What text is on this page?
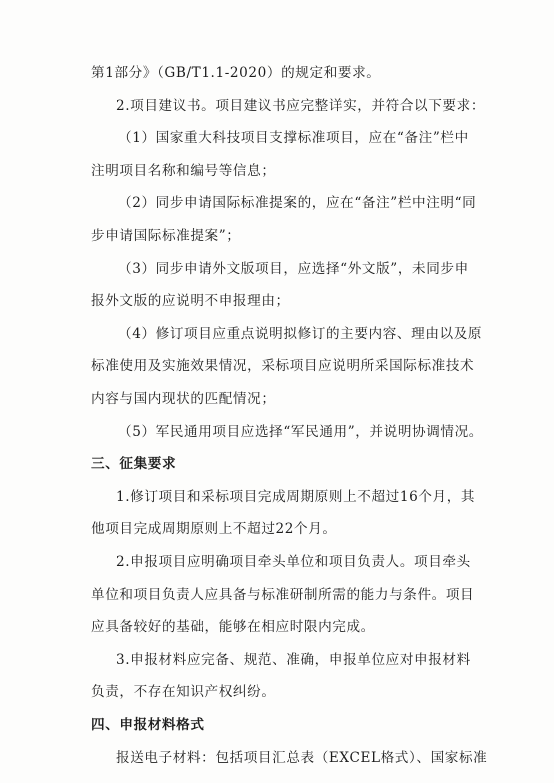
第1部分》（GB/T1.1-2020）的规定和要求。
2.项目建议书。项目建议书应完整详实，并符合以下要求：
（1）国家重大科技项目支撑标准项目，应在“备注”栏中
注明项目名称和编号等信息；
（2）同步申请国际标准提案的，应在“备注”栏中注明“同
步申请国际标准提案”；
（3）同步申请外文版项目，应选择“外文版”，未同步申
报外文版的应说明不申报理由；
（4）修订项目应重点说明拟修订的主要内容、理由以及原
标准使用及实施效果情况，采标项目应说明所采国际标准技术
内容与国内现状的匹配情况；
（5）军民通用项目应选择“军民通用”，并说明协调情况。
三、征集要求
1.修订项目和采标项目完成周期原则上不超过16个月，其
他项目完成周期原则上不超过22个月。
2.申报项目应明确项目牵头单位和项目负责人。项目牵头
单位和项目负责人应具备与标准研制所需的能力与条件。项目
应具备较好的基础，能够在相应时限内完成。
3.申报材料应完备、规范、准确，申报单位应对申报材料
负责，不存在知识产权纠纷。
四、申报材料格式
报送电子材料：包括项目汇总表（EXCEL格式）、国家标准
